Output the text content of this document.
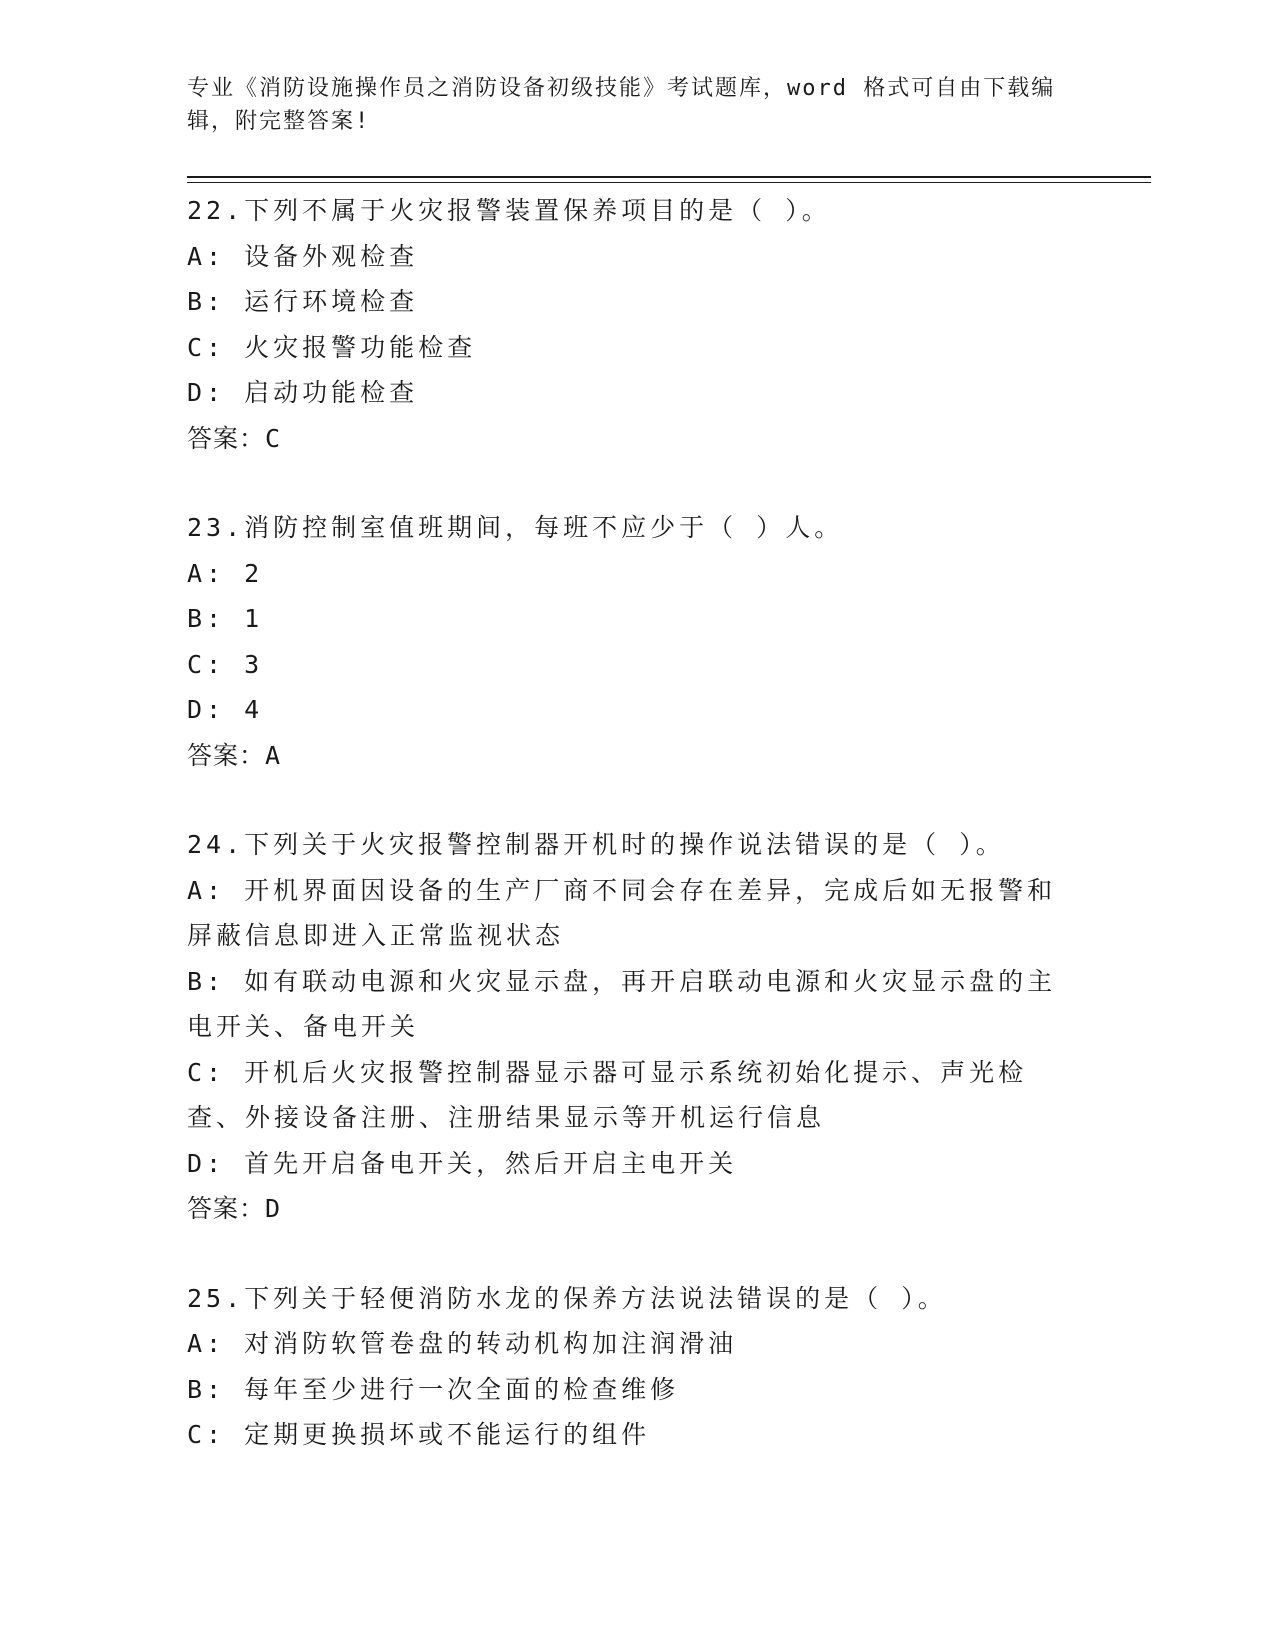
专业《消防设施操作员之消防设备初级技能》考试题库，word 格式可自由下载编辑，附完整答案!
22.下列不属于火灾报警装置保养项目的是（ ）。
A: 设备外观检查
B: 运行环境检查
C: 火灾报警功能检查
D: 启动功能检查
答案：C
23.消防控制室值班期间，每班不应少于（ ）人。
A: 2
B: 1
C: 3
D: 4
答案：A
24.下列关于火灾报警控制器开机时的操作说法错误的是（ ）。
A: 开机界面因设备的生产厂商不同会存在差异，完成后如无报警和屏蔽信息即进入正常监视状态
B: 如有联动电源和火灾显示盘，再开启联动电源和火灾显示盘的主电开关、备电开关
C: 开机后火灾报警控制器显示器可显示系统初始化提示、声光检查、外接设备注册、注册结果显示等开机运行信息
D: 首先开启备电开关，然后开启主电开关
答案：D
25.下列关于轻便消防水龙的保养方法说法错误的是（ ）。
A: 对消防软管卷盘的转动机构加注润滑油
B: 每年至少进行一次全面的检查维修
C: 定期更换损坏或不能运行的组件
